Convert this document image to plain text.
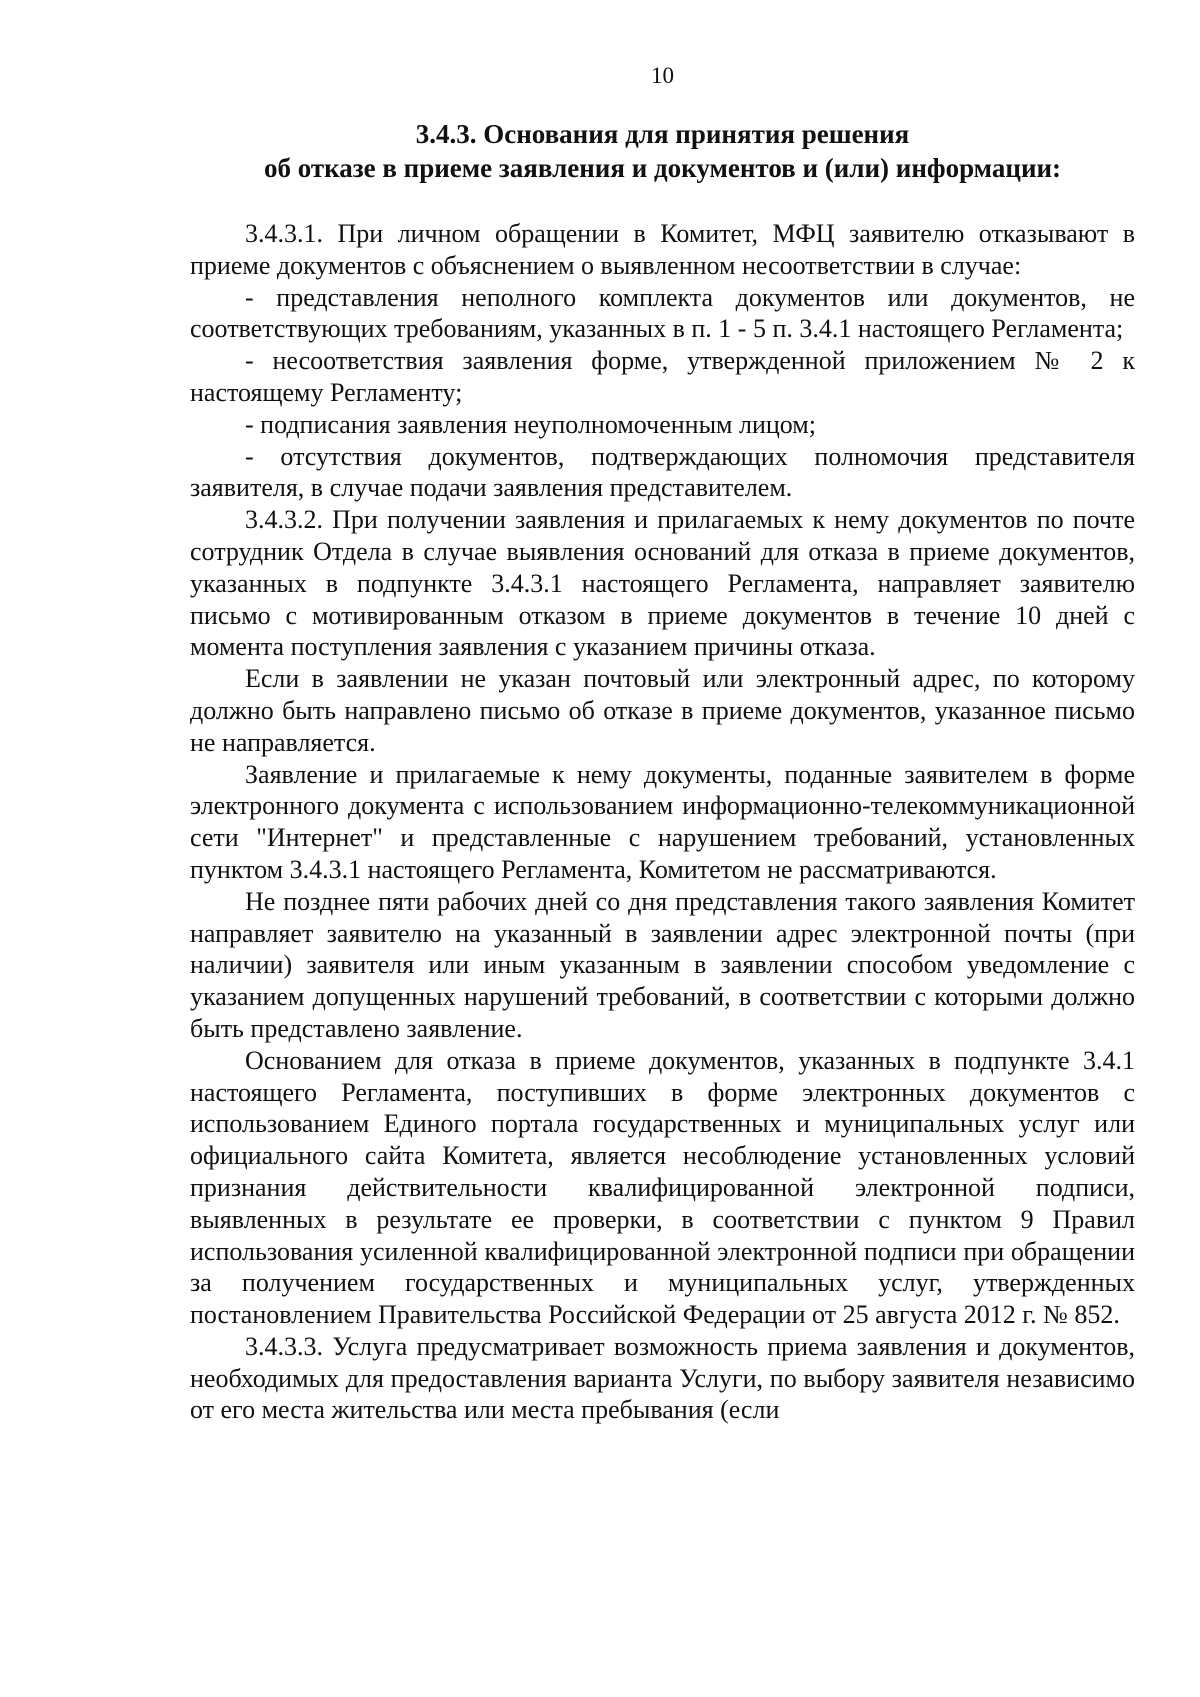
10

3.4.3. Основания для принятия решения
об отказе в приеме заявления и документов и (или) информации:

3.4.3.1. При личном обращении в Комитет, МФЦ заявителю отказывают в приеме документов с объяснением о выявленном несоответствии в случае:

- представления неполного комплекта документов или документов, не соответствующих требованиям, указанных в п. 1 - 5 п. 3.4.1 настоящего Регламента;

- несоответствия заявления форме, утвержденной приложением № 2 к настоящему Регламенту;

- подписания заявления неуполномоченным лицом;

- отсутствия документов, подтверждающих полномочия представителя заявителя, в случае подачи заявления представителем.

3.4.3.2. При получении заявления и прилагаемых к нему документов по почте сотрудник Отдела в случае выявления оснований для отказа в приеме документов, указанных в подпункте 3.4.3.1 настоящего Регламента, направляет заявителю письмо с мотивированным отказом в приеме документов в течение 10 дней с момента поступления заявления с указанием причины отказа.

Если в заявлении не указан почтовый или электронный адрес, по которому должно быть направлено письмо об отказе в приеме документов, указанное письмо не направляется.

Заявление и прилагаемые к нему документы, поданные заявителем в форме электронного документа с использованием информационно-телекоммуникационной сети "Интернет" и представленные с нарушением требований, установленных пунктом 3.4.3.1 настоящего Регламента, Комитетом не рассматриваются.

Не позднее пяти рабочих дней со дня представления такого заявления Комитет направляет заявителю на указанный в заявлении адрес электронной почты (при наличии) заявителя или иным указанным в заявлении способом уведомление с указанием допущенных нарушений требований, в соответствии с которыми должно быть представлено заявление.

Основанием для отказа в приеме документов, указанных в подпункте 3.4.1 настоящего Регламента, поступивших в форме электронных документов с использованием Единого портала государственных и муниципальных услуг или официального сайта Комитета, является несоблюдение установленных условий признания действительности квалифицированной электронной подписи, выявленных в результате ее проверки, в соответствии с пунктом 9 Правил использования усиленной квалифицированной электронной подписи при обращении за получением государственных и муниципальных услуг, утвержденных постановлением Правительства Российской Федерации от 25 августа 2012 г. № 852.

3.4.3.3. Услуга предусматривает возможность приема заявления и документов, необходимых для предоставления варианта Услуги, по выбору заявителя независимо от его места жительства или места пребывания (если
